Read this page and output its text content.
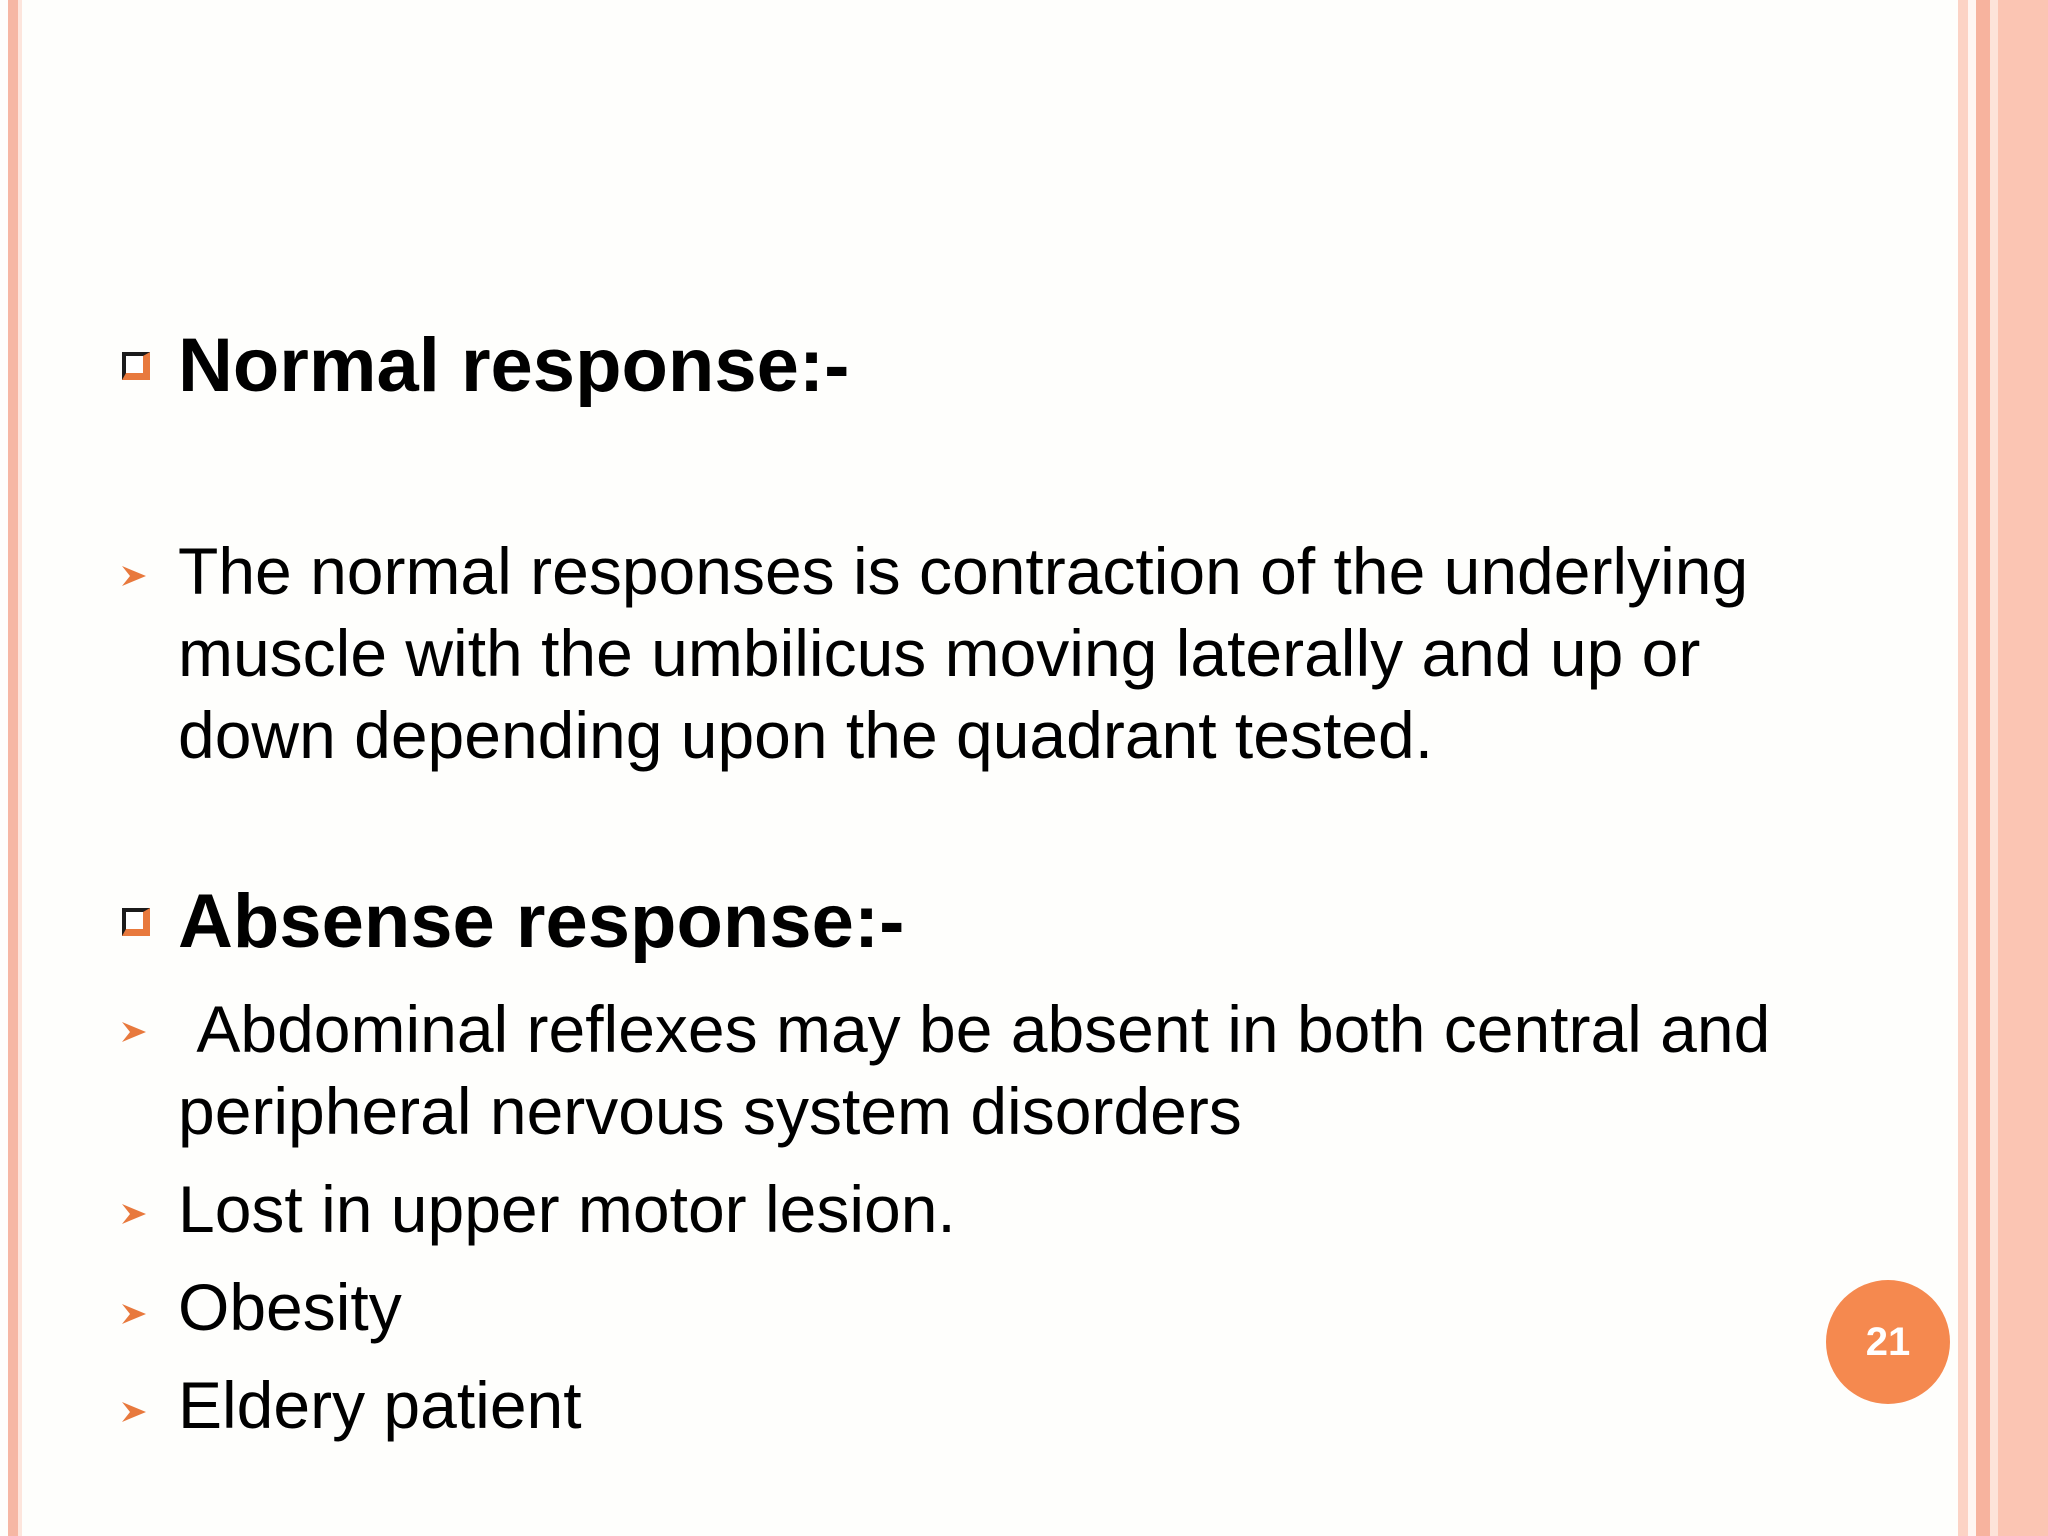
Normal response:-
The normal responses is contraction of the underlying muscle with the umbilicus moving laterally and up or down depending upon the quadrant tested.
Absense response:-
Abdominal reflexes may be absent in both central and peripheral nervous system disorders
Lost in upper motor lesion.
Obesity
Eldery patient
21
